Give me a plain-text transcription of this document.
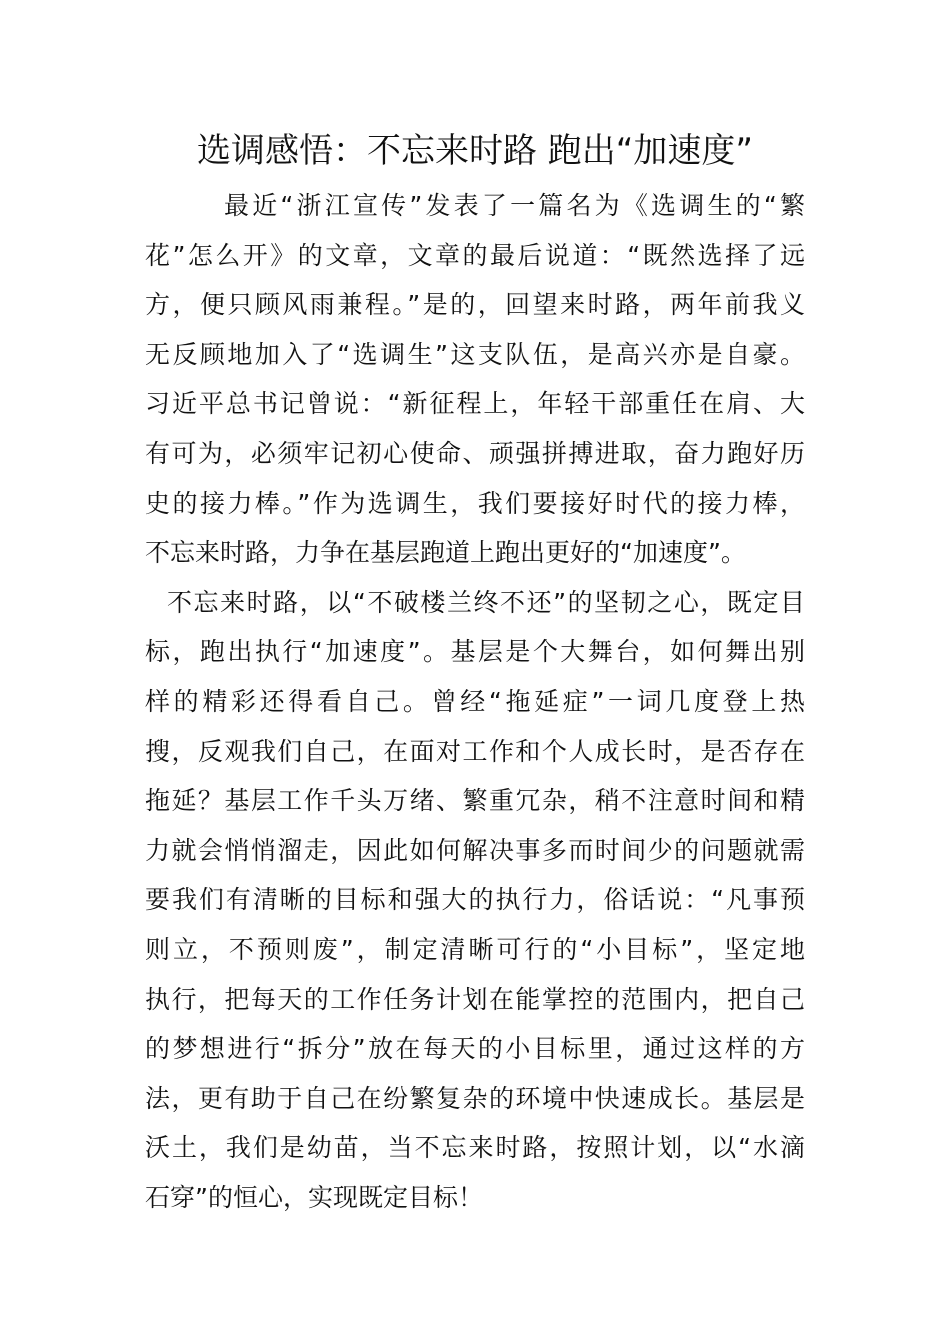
选调感悟：不忘来时路 跑出“加速度”
最近“浙江宣传”发表了一篇名为《选调生的“繁
花”怎么开》的文章，文章的最后说道：“既然选择了远
方，便只顾风雨兼程。”是的，回望来时路，两年前我义
无反顾地加入了“选调生”这支队伍，是高兴亦是自豪。
习近平总书记曾说：“新征程上，年轻干部重任在肩、大
有可为，必须牢记初心使命、顽强拼搏进取，奋力跑好历
史的接力棒。”作为选调生，我们要接好时代的接力棒，
不忘来时路，力争在基层跑道上跑出更好的“加速度”。
不忘来时路，以“不破楼兰终不还”的坚韧之心，既定目
标，跑出执行“加速度”。基层是个大舞台，如何舞出别
样的精彩还得看自己。曾经“拖延症”一词几度登上热
搜，反观我们自己，在面对工作和个人成长时，是否存在
拖延？基层工作千头万绪、繁重冗杂，稍不注意时间和精
力就会悄悄溜走，因此如何解决事多而时间少的问题就需
要我们有清晰的目标和强大的执行力，俗话说：“凡事预
则立，不预则废”，制定清晰可行的“小目标”，坚定地
执行，把每天的工作任务计划在能掌控的范围内，把自己
的梦想进行“拆分”放在每天的小目标里，通过这样的方
法，更有助于自己在纷繁复杂的环境中快速成长。基层是
沃土，我们是幼苗，当不忘来时路，按照计划，以“水滴
石穿”的恒心，实现既定目标！
